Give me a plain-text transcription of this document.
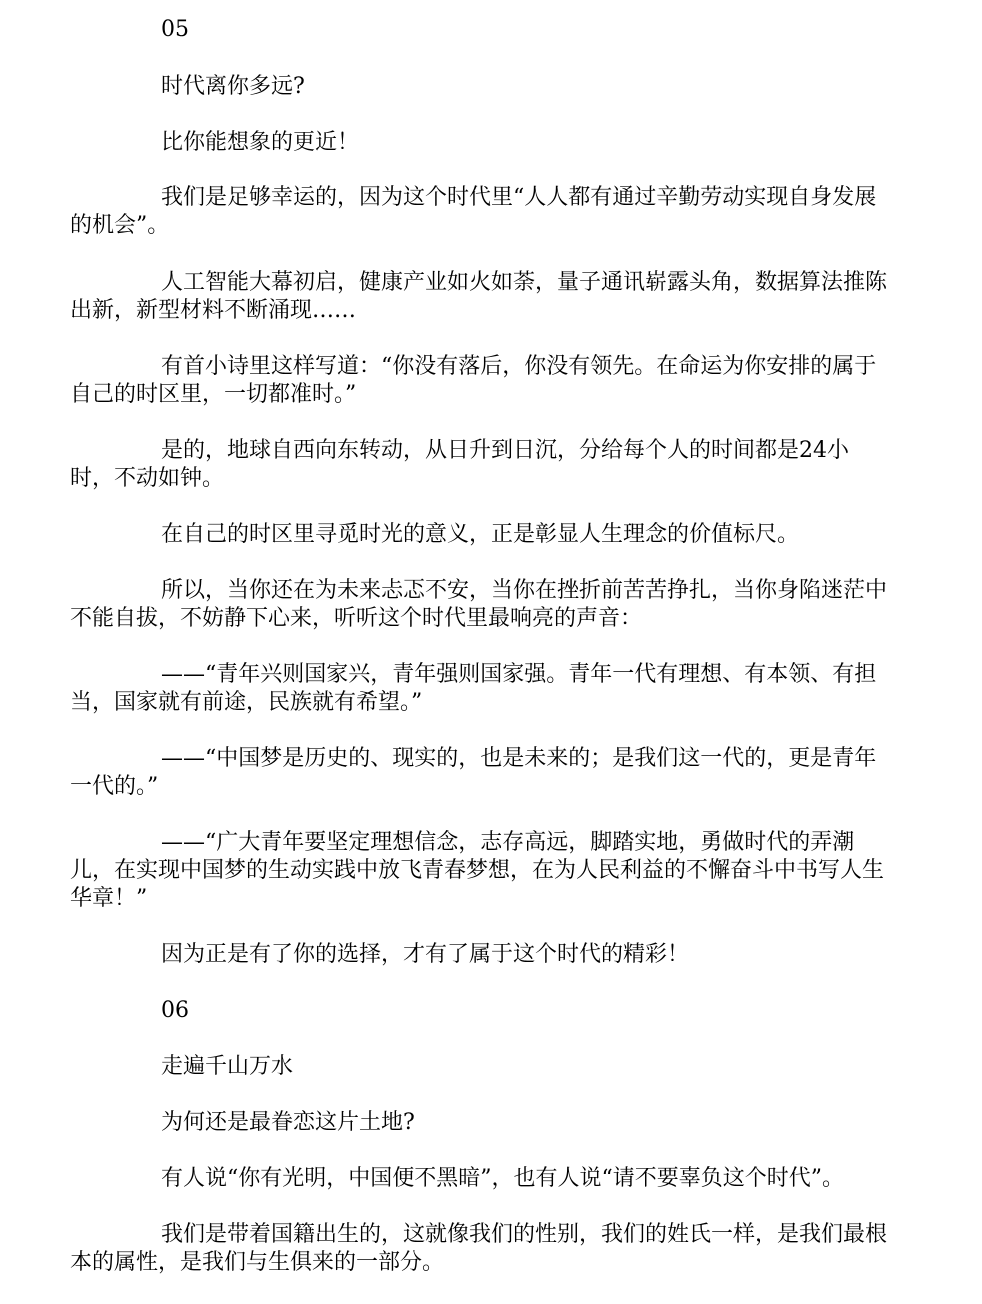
05

时代离你多远?

比你能想象的更近！

我们是足够幸运的，因为这个时代里“人人都有通过辛勤劳动实现自身发展的机会”。

人工智能大幕初启，健康产业如火如荼，量子通讯崭露头角，数据算法推陈出新，新型材料不断涌现……

有首小诗里这样写道：“你没有落后，你没有领先。在命运为你安排的属于自己的时区里，一切都准时。”

是的，地球自西向东转动，从日升到日沉，分给每个人的时间都是24小时，不动如钟。

在自己的时区里寻觅时光的意义，正是彰显人生理念的价值标尺。

所以，当你还在为未来忐忑不安，当你在挫折前苦苦挣扎，当你身陷迷茫中不能自拔，不妨静下心来，听听这个时代里最响亮的声音：

——“青年兴则国家兴，青年强则国家强。青年一代有理想、有本领、有担当，国家就有前途，民族就有希望。”

——“中国梦是历史的、现实的，也是未来的；是我们这一代的，更是青年一代的。”

——“广大青年要坚定理想信念，志存高远，脚踏实地，勇做时代的弄潮儿，在实现中国梦的生动实践中放飞青春梦想，在为人民利益的不懈奋斗中书写人生华章！”

因为正是有了你的选择，才有了属于这个时代的精彩！

06

走遍千山万水

为何还是最眷恋这片土地?

有人说“你有光明，中国便不黑暗”，也有人说“请不要辜负这个时代”。

我们是带着国籍出生的，这就像我们的性别，我们的姓氏一样，是我们最根本的属性，是我们与生俱来的一部分。
